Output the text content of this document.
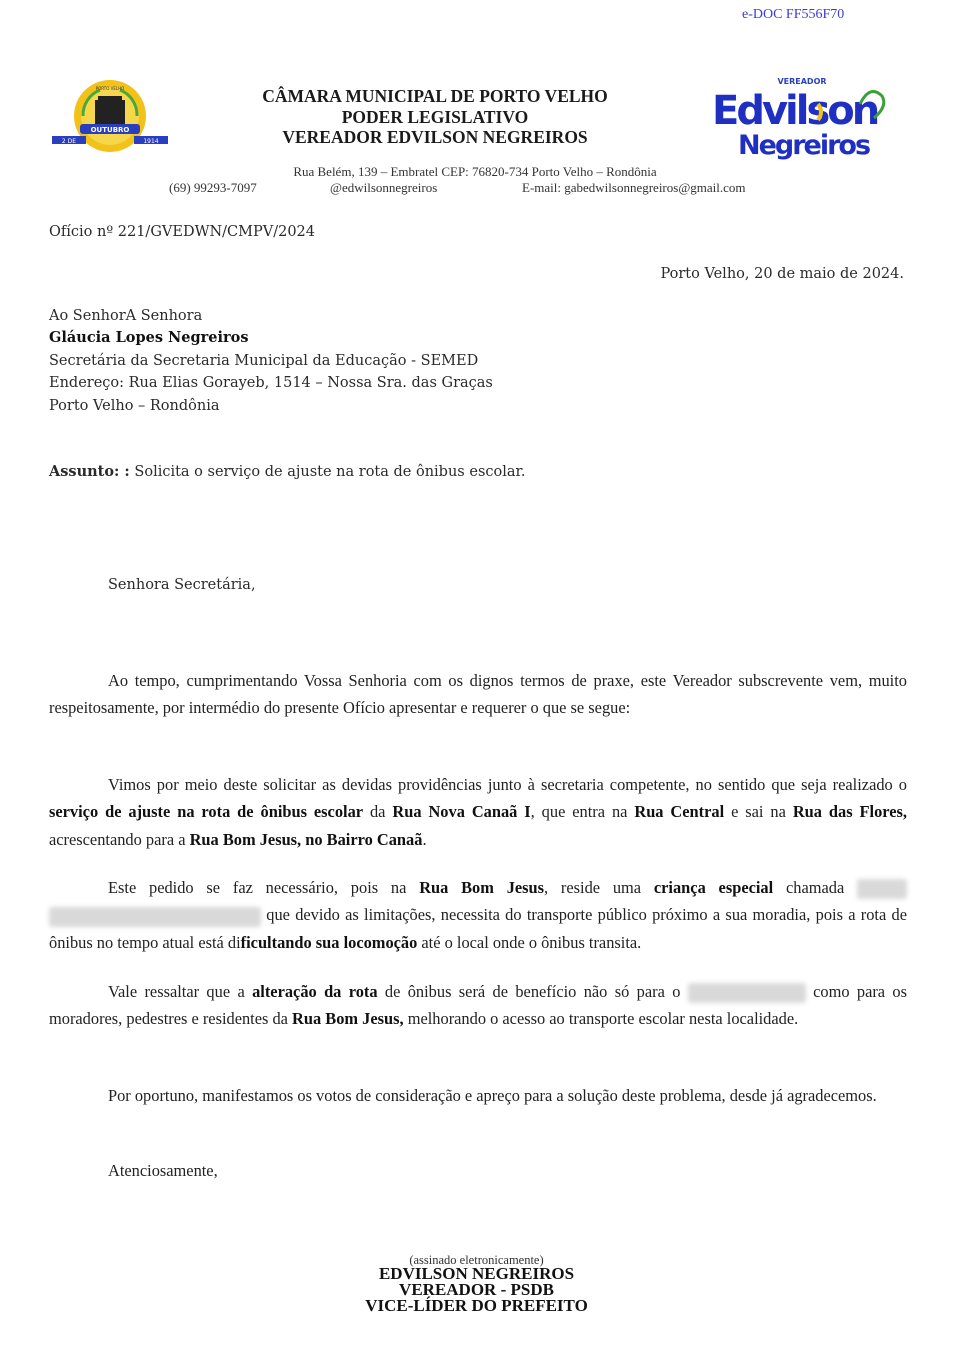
e-DOC FF556F70
OUTUBRO
2 DE	1914
PORTO VELHO	CÂMARA MUNICIPAL DE PORTO VELHO
PODER LEGISLATIVO
VEREADOR EDVILSON NEGREIROS
VEREADOR
Edvilson
Negreiros
Rua Belém, 139 – Embratel CEP: 76820-734 Porto Velho – Rondônia
(69) 99293-7097	@edwilsonnegreiros	E-mail: gabedwilsonnegreiros@gmail.com
Ofício nº 221/GVEDWN/CMPV/2024
Porto Velho, 20 de maio de 2024.
Ao SenhorA Senhora
Gláucia Lopes Negreiros
Secretária da Secretaria Municipal da Educação - SEMED
Endereço: Rua Elias Gorayeb, 1514 – Nossa Sra. das Graças
Porto Velho – Rondônia
Assunto: : Solicita o serviço de ajuste na rota de ônibus escolar.
Senhora Secretária,
Ao tempo, cumprimentando Vossa Senhoria com os dignos termos de praxe, este Vereador subscrevente vem, muito respeitosamente, por intermédio do presente Ofício apresentar e requerer o que se segue:
Vimos por meio deste solicitar as devidas providências junto à secretaria competente, no sentido que seja realizado o serviço de ajuste na rota de ônibus escolar da Rua Nova Canaã I, que entra na Rua Central e sai na Rua das Flores, acrescentando para a Rua Bom Jesus, no Bairro Canaã.
Este pedido se faz necessário, pois na Rua Bom Jesus, reside uma criança especial chamada   que devido as limitações, necessita do transporte público próximo a sua moradia, pois a rota de ônibus no tempo atual está dificultando sua locomoção até o local onde o ônibus transita.
Vale ressaltar que a alteração da rota de ônibus será de benefício não só para o	como para os moradores, pedestres e residentes da Rua Bom Jesus, melhorando o acesso ao transporte escolar nesta localidade.
Por oportuno, manifestamos os votos de consideração e apreço para a solução deste problema, desde já agradecemos.
Atenciosamente,
(assinado eletronicamente)
EDVILSON NEGREIROS
VEREADOR - PSDB
VICE-LÍDER DO PREFEITO
